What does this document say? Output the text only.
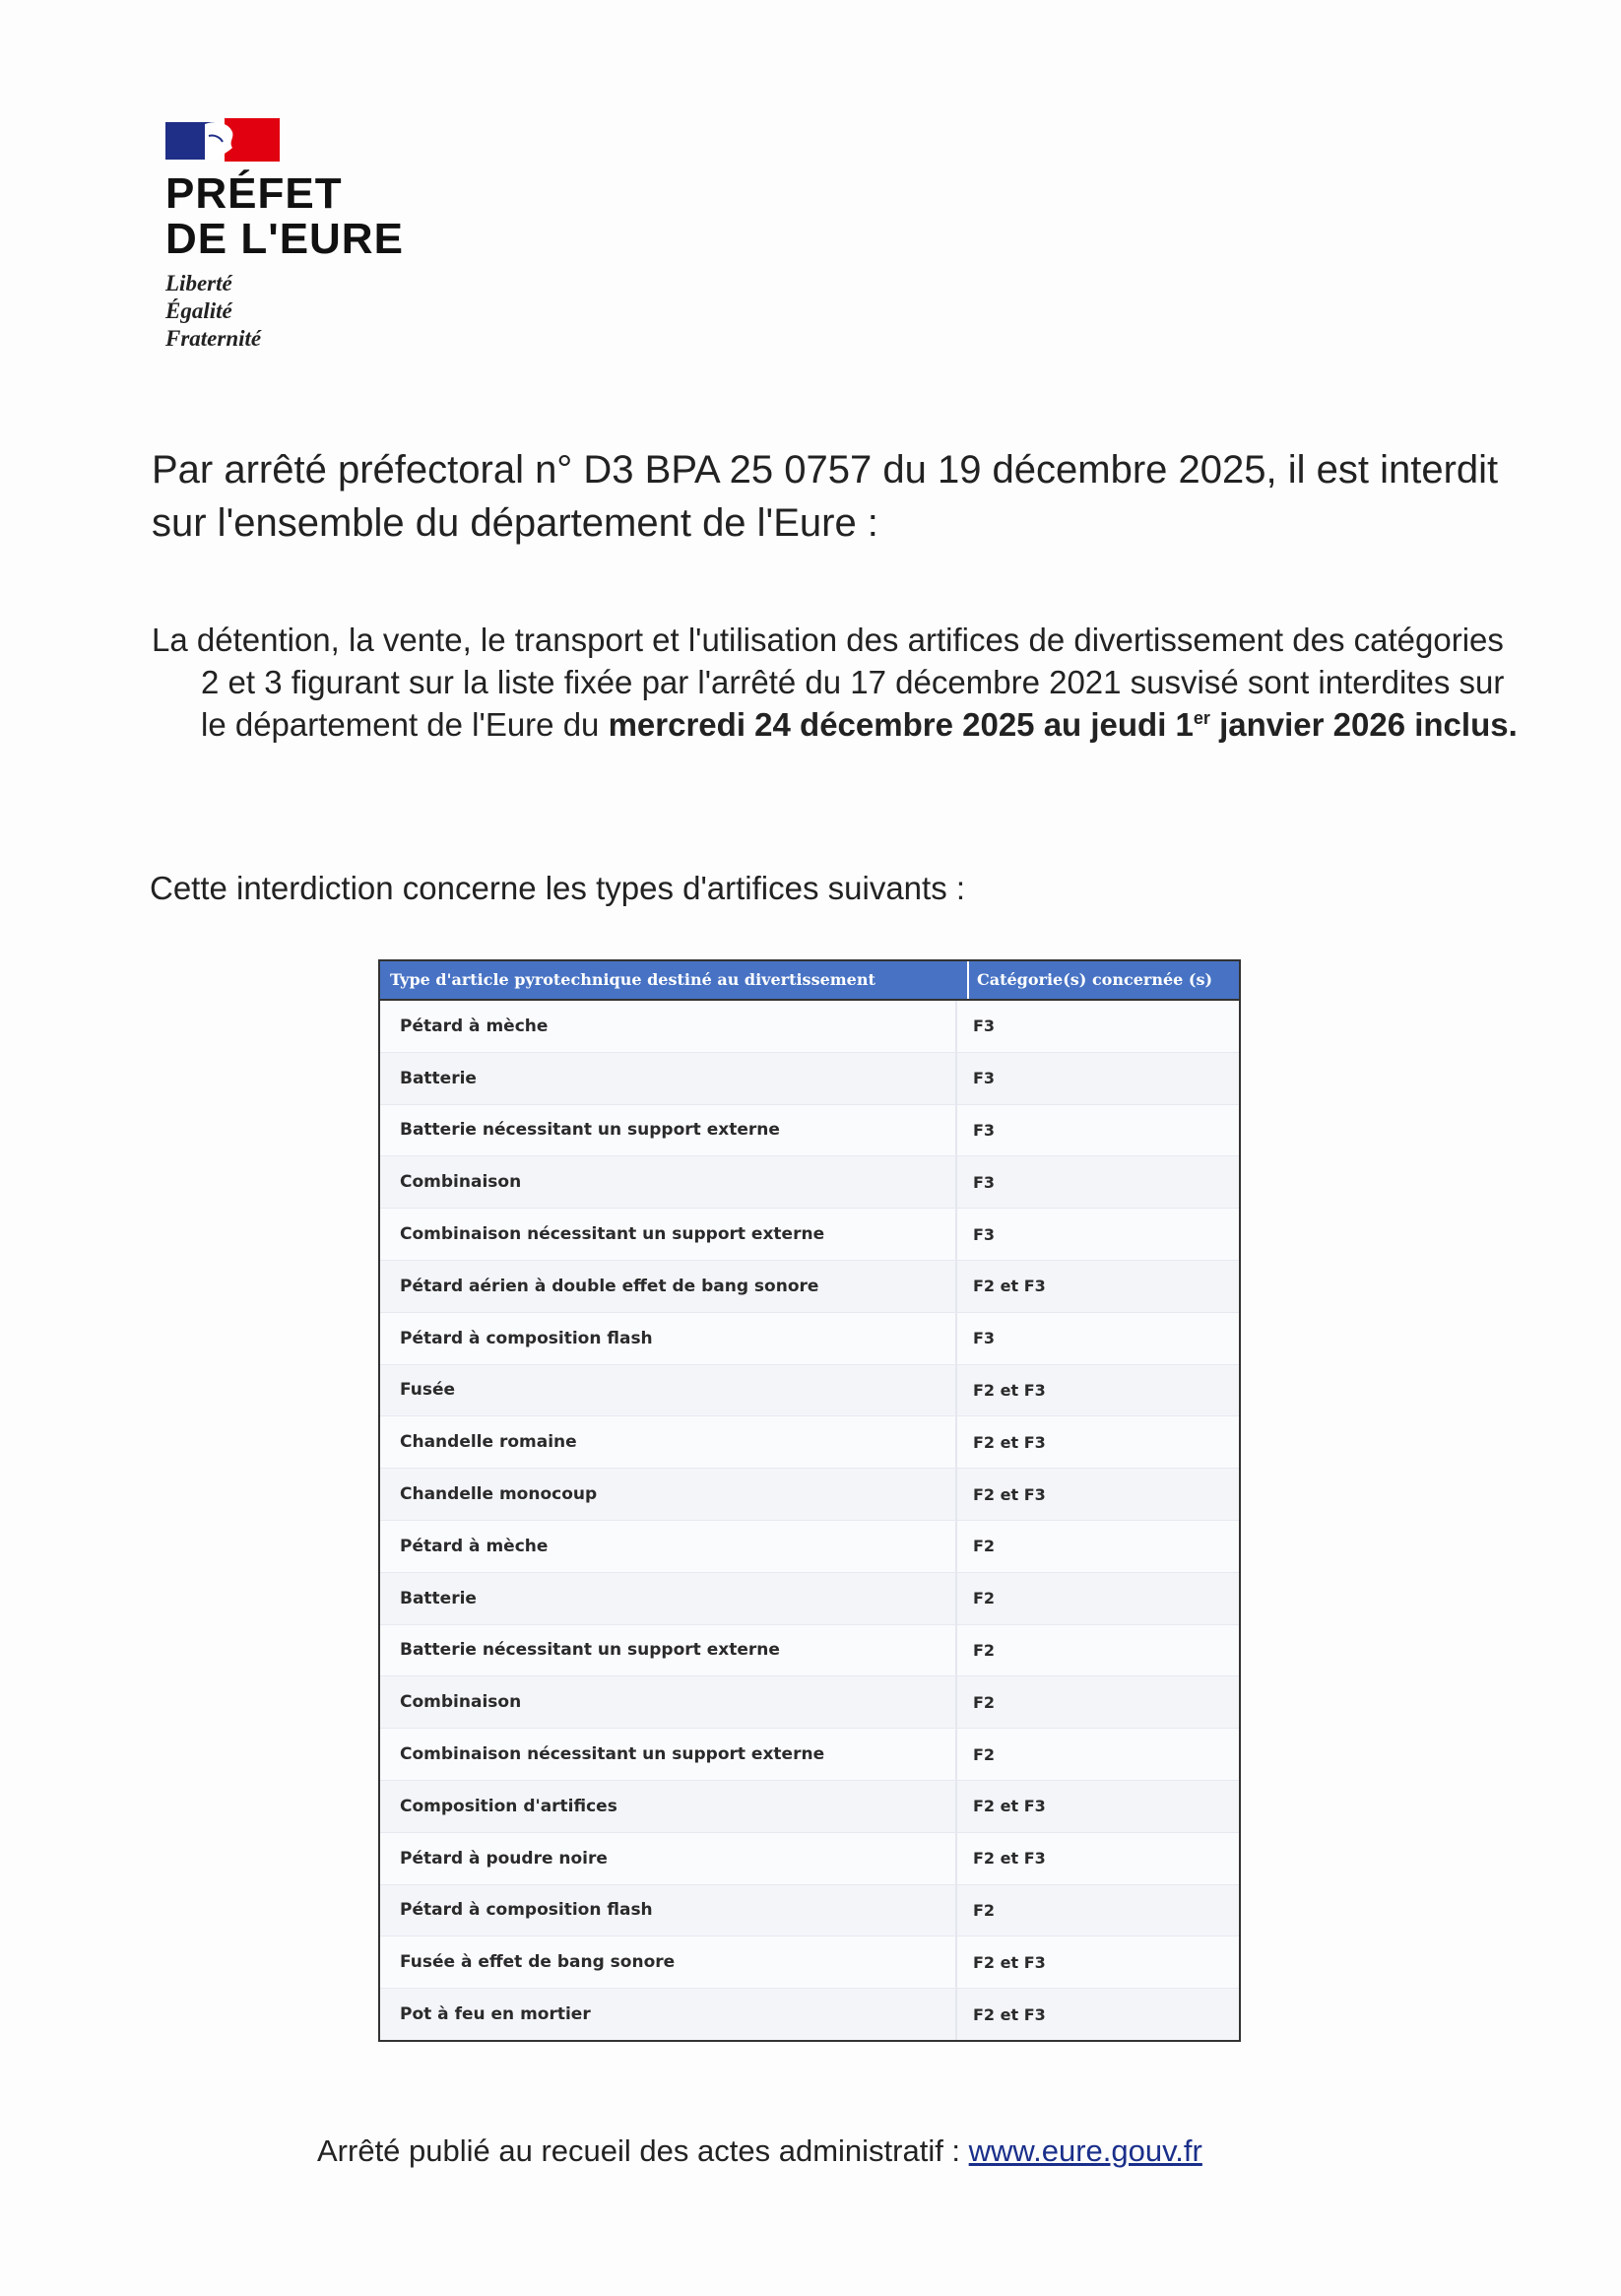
PRÉFET
DE L'EURE
Liberté
Égalité
Fraternité
Par arrêté préfectoral n° D3 BPA 25 0757 du 19 décembre 2025, il est interdit sur l'ensemble du département de l'Eure :
La détention, la vente, le transport et l'utilisation des artifices de divertissement des catégories 2 et 3 figurant sur la liste fixée par l'arrêté du 17 décembre 2021 susvisé sont interdites sur le département de l'Eure du mercredi 24 décembre 2025 au jeudi 1er janvier 2026 inclus.
Cette interdiction concerne les types d'artifices suivants :
Type d'article pyrotechnique destiné au divertissement	Catégorie(s) concernée (s)
Pétard à mèche	F3
Batterie	F3
Batterie nécessitant un support externe	F3
Combinaison	F3
Combinaison nécessitant un support externe	F3
Pétard aérien à double effet de bang sonore	F2 et F3
Pétard à composition flash	F3
Fusée	F2 et F3
Chandelle romaine	F2 et F3
Chandelle monocoup	F2 et F3
Pétard à mèche	F2
Batterie	F2
Batterie nécessitant un support externe	F2
Combinaison	F2
Combinaison nécessitant un support externe	F2
Composition d'artifices	F2 et F3
Pétard à poudre noire	F2 et F3
Pétard à composition flash	F2
Fusée à effet de bang sonore	F2 et F3
Pot à feu en mortier	F2 et F3
Arrêté publié au recueil des actes administratif : www.eure.gouv.fr
